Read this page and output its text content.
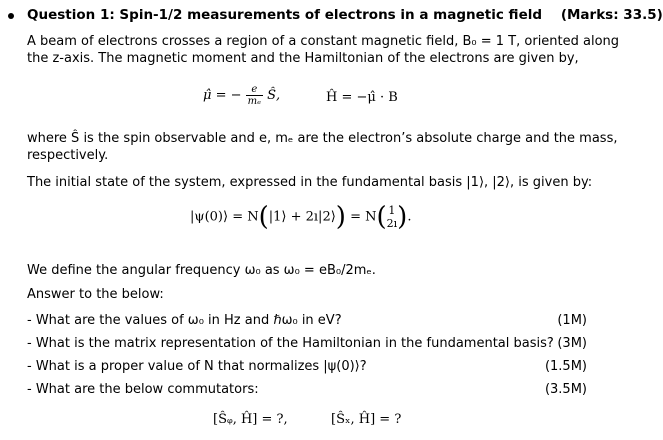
Question 1: Spin-1/2 measurements of electrons in a magnetic field (Marks: 33.5)
A beam of electrons crosses a region of a constant magnetic field, B₀ = 1 T, oriented along
the z-axis. The magnetic moment and the Hamiltonian of the electrons are given by,
μ̂ = − $\frac{e}{\text{mₑ}}$ Ŝ,	Ĥ = −μ̂ · B
where Ŝ is the spin observable and e, mₑ are the electron’s absolute charge and the mass,
respectively.
The initial state of the system, expressed in the fundamental basis |1⟩, |2⟩, is given by:
|ψ(0)⟩ = N(|1⟩ + 2ı|2⟩) = N( 1
2ı ).
We define the angular frequency ω₀ as ω₀ = eB₀/2mₑ.
Answer to the below:
- What are the values of ω₀ in Hz and ℏω₀ in eV?	(1M)
- What is the matrix representation of the Hamiltonian in the fundamental basis? (3M)
- What is a proper value of N that normalizes |ψ(0)⟩?	(1.5M)
- What are the below commutators:	(3.5M)
[Ŝᵩ, Ĥ] = ?,	[Ŝₓ, Ĥ] = ?
